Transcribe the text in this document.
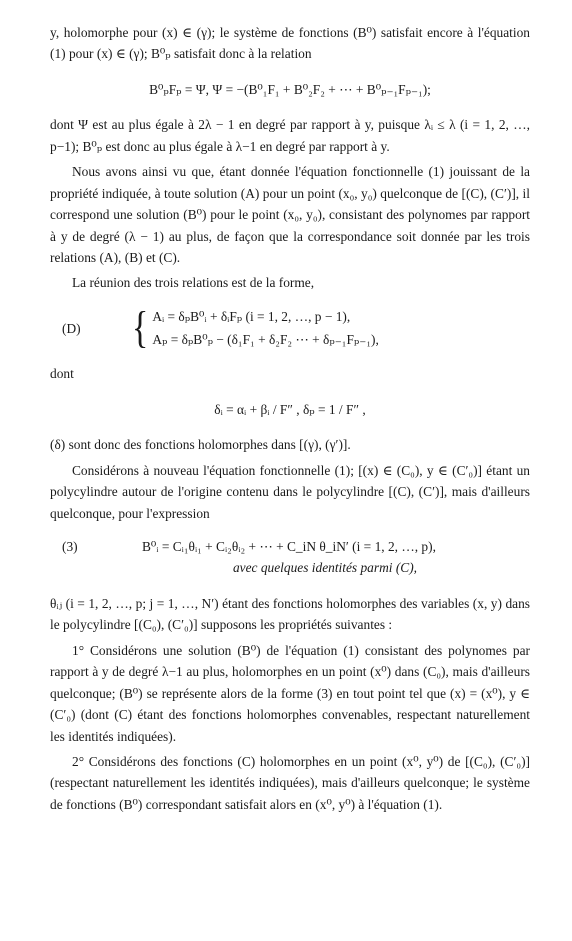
y, holomorphe pour (x) ∈ (γ); le système de fonctions (B⁰) satisfait encore à l'équation (1) pour (x) ∈ (γ); B⁰ₚ satisfait donc à la relation

B⁰ₚFₚ = Ψ, Ψ = −(B⁰₁F₁ + B⁰₂F₂ + ⋯ + B⁰ₚ₋₁Fₚ₋₁);

dont Ψ est au plus égale à 2λ − 1 en degré par rapport à y, puisque λᵢ ≤ λ (i = 1, 2, …, p−1); B⁰ₚ est donc au plus égale à λ−1 en degré par rapport à y.

Nous avons ainsi vu que, étant donnée l'équation fonctionnelle (1) jouissant de la propriété indiquée, à toute solution (A) pour un point (x₀, y₀) quelconque de [(C), (C′)], il correspond une solution (B⁰) pour le point (x₀, y₀), consistant des polynomes par rapport à y de degré (λ − 1) au plus, de façon que la correspondance soit donnée par les trois relations (A), (B) et (C).

La réunion des trois relations est de la forme,

(D)	{ Aᵢ = δₚB⁰ᵢ + δᵢFₚ (i = 1, 2, …, p − 1),
Aₚ = δₚB⁰ₚ − (δ₁F₁ + δ₂F₂ ⋯ + δₚ₋₁Fₚ₋₁),

dont

δᵢ = αᵢ + βᵢ / F″ , δₚ = 1 / F″ ,

(δ) sont donc des fonctions holomorphes dans [(γ), (γ′)].

Considérons à nouveau l'équation fonctionnelle (1); [(x) ∈ (C₀), y ∈ (C′₀)] étant un polycylindre autour de l'origine contenu dans le polycylindre [(C), (C′)], mais d'ailleurs quelconque, pour l'expression

(3)	B⁰ᵢ = Cᵢ₁θᵢ₁ + Cᵢ₂θᵢ₂ + ⋯ + C_iN θ_iN′ (i = 1, 2, …, p),
avec quelques identités parmi (C),

θᵢⱼ (i = 1, 2, …, p; j = 1, …, N′) étant des fonctions holomorphes des variables (x, y) dans le polycylindre [(C₀), (C′₀)] supposons les propriétés suivantes :

1° Considérons une solution (B⁰) de l'équation (1) consistant des polynomes par rapport à y de degré λ−1 au plus, holomorphes en un point (x⁰) dans (C₀), mais d'ailleurs quelconque; (B⁰) se représente alors de la forme (3) en tout point tel que (x) = (x⁰), y ∈ (C′₀) (dont (C) étant des fonctions holomorphes convenables, respectant naturellement les identités indiquées).

2° Considérons des fonctions (C) holomorphes en un point (x⁰, y⁰) de [(C₀), (C′₀)] (respectant naturellement les identités indiquées), mais d'ailleurs quelconque; le système de fonctions (B⁰) correspondant satisfait alors en (x⁰, y⁰) à l'équation (1).
